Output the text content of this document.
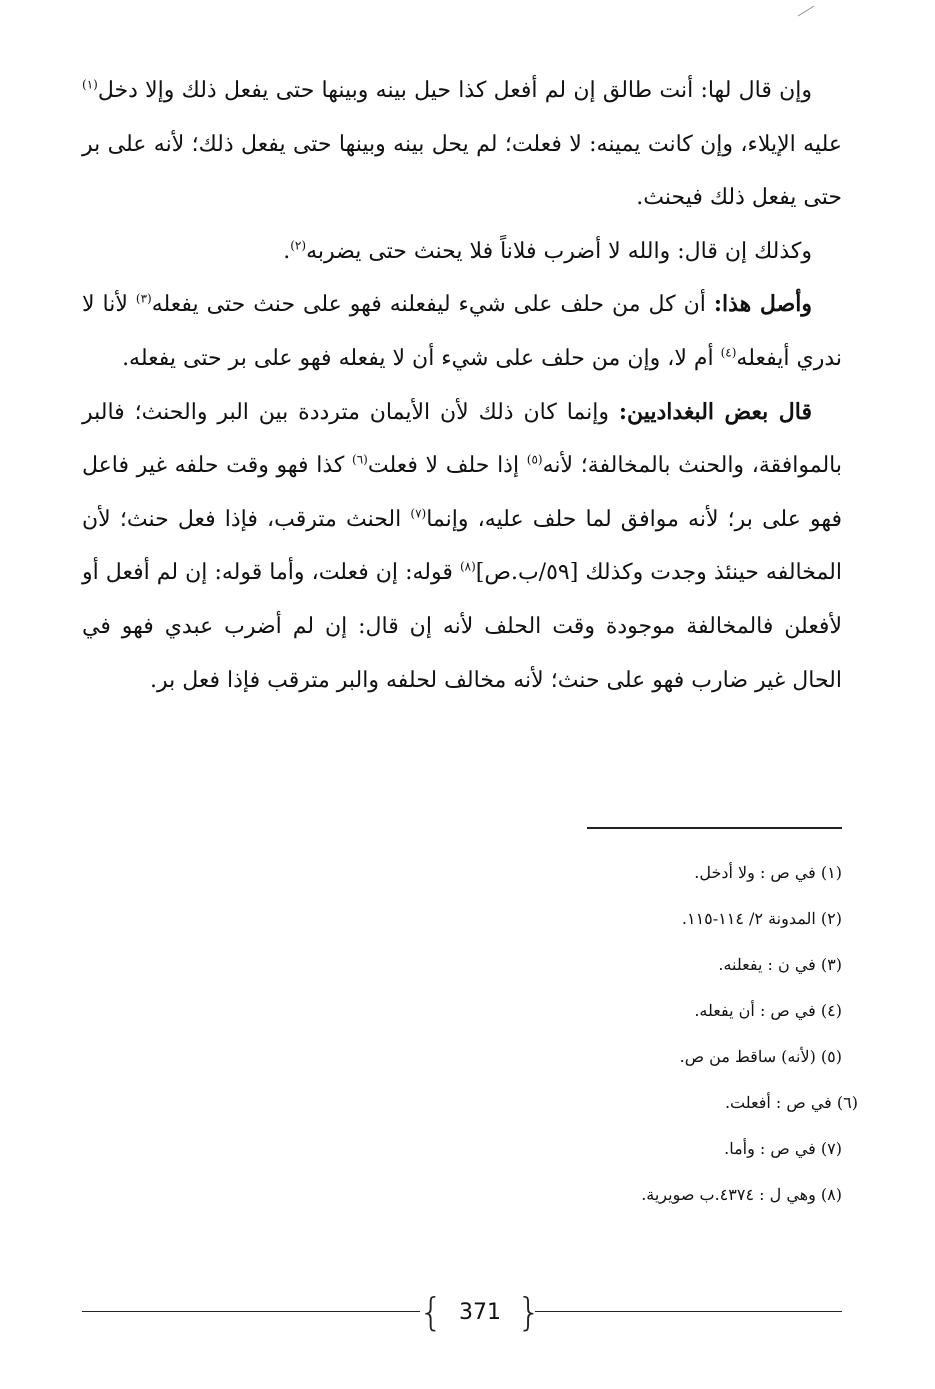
وإن قال لها: أنت طالق إن لم أفعل كذا حيل بينه وبينها حتى يفعل ذلك وإلا دخل$^{(١)}$ عليه الإيلاء، وإن كانت يمينه: لا فعلت؛ لم يحل بينه وبينها حتى يفعل ذلك؛ لأنه على بر حتى يفعل ذلك فيحنث.

وكذلك إن قال: والله لا أضرب فلاناً فلا يحنث حتى يضربه$^{(٢)}$.

وأصل هذا: أن كل من حلف على شيء ليفعلنه فهو على حنث حتى يفعله$^{(٣)}$ لأنا لا ندري أيفعله$^{(٤)}$ أم لا، وإن من حلف على شيء أن لا يفعله فهو على بر حتى يفعله.

قال بعض البغداديين: وإنما كان ذلك لأن الأيمان مترددة بين البر والحنث؛ فالبر بالموافقة، والحنث بالمخالفة؛ لأنه$^{(٥)}$ إذا حلف لا فعلت$^{(٦)}$ كذا فهو وقت حلفه غير فاعل فهو على بر؛ لأنه موافق لما حلف عليه، وإنما$^{(٧)}$ الحنث مترقب، فإذا فعل حنث؛ لأن المخالفه حينئذ وجدت وكذلك [٥٩/ب.ص]$^{(٨)}$ قوله: إن فعلت، وأما قوله: إن لم أفعل أو لأفعلن فالمخالفة موجودة وقت الحلف لأنه إن قال: إن لم أضرب عبدي فهو في الحال غير ضارب فهو على حنث؛ لأنه مخالف لحلفه والبر مترقب فإذا فعل بر.

(١) في ص : ولا أدخل.
(٢) المدونة ٢/ ١١٤-١١٥.
(٣) في ن : يفعلنه.
(٤) في ص : أن يفعله.
(٥) (لأنه) ساقط من ص.
(٦) في ص : أفعلت.
(٧) في ص : وأما.
(٨) وهي ل : ٤٣٧٤.ب صويرية.
{ 371 }
